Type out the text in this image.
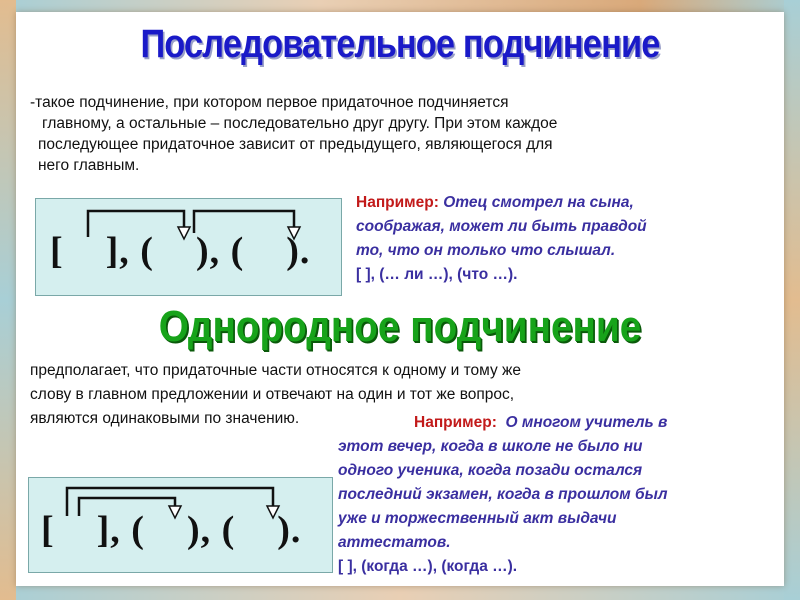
Последовательное подчинение
-такое подчинение, при котором первое придаточное подчиняется
главному, а остальные – последовательно друг другу. При этом каждое
последующее придаточное зависит от предыдущего, являющегося для
него главным.
[    ], (    ), (    ).
Например: Отец смотрел на сына,
соображая, может ли быть правдой
то, что он только что слышал.
[ ], (… ли …), (что …).
Однородное подчинение
предполагает, что придаточные части относятся к одному и тому же
слову в главном предложении и отвечают на один и тот же вопрос,
являются одинаковыми по значению.	Например: О многом учитель в
этот вечер, когда в школе не было ни
одного ученика, когда позади остался
последний экзамен, когда в прошлом был
уже и торжественный акт выдачи
аттестатов.
[ ], (когда …), (когда …).
[    ], (    ), (    ).
